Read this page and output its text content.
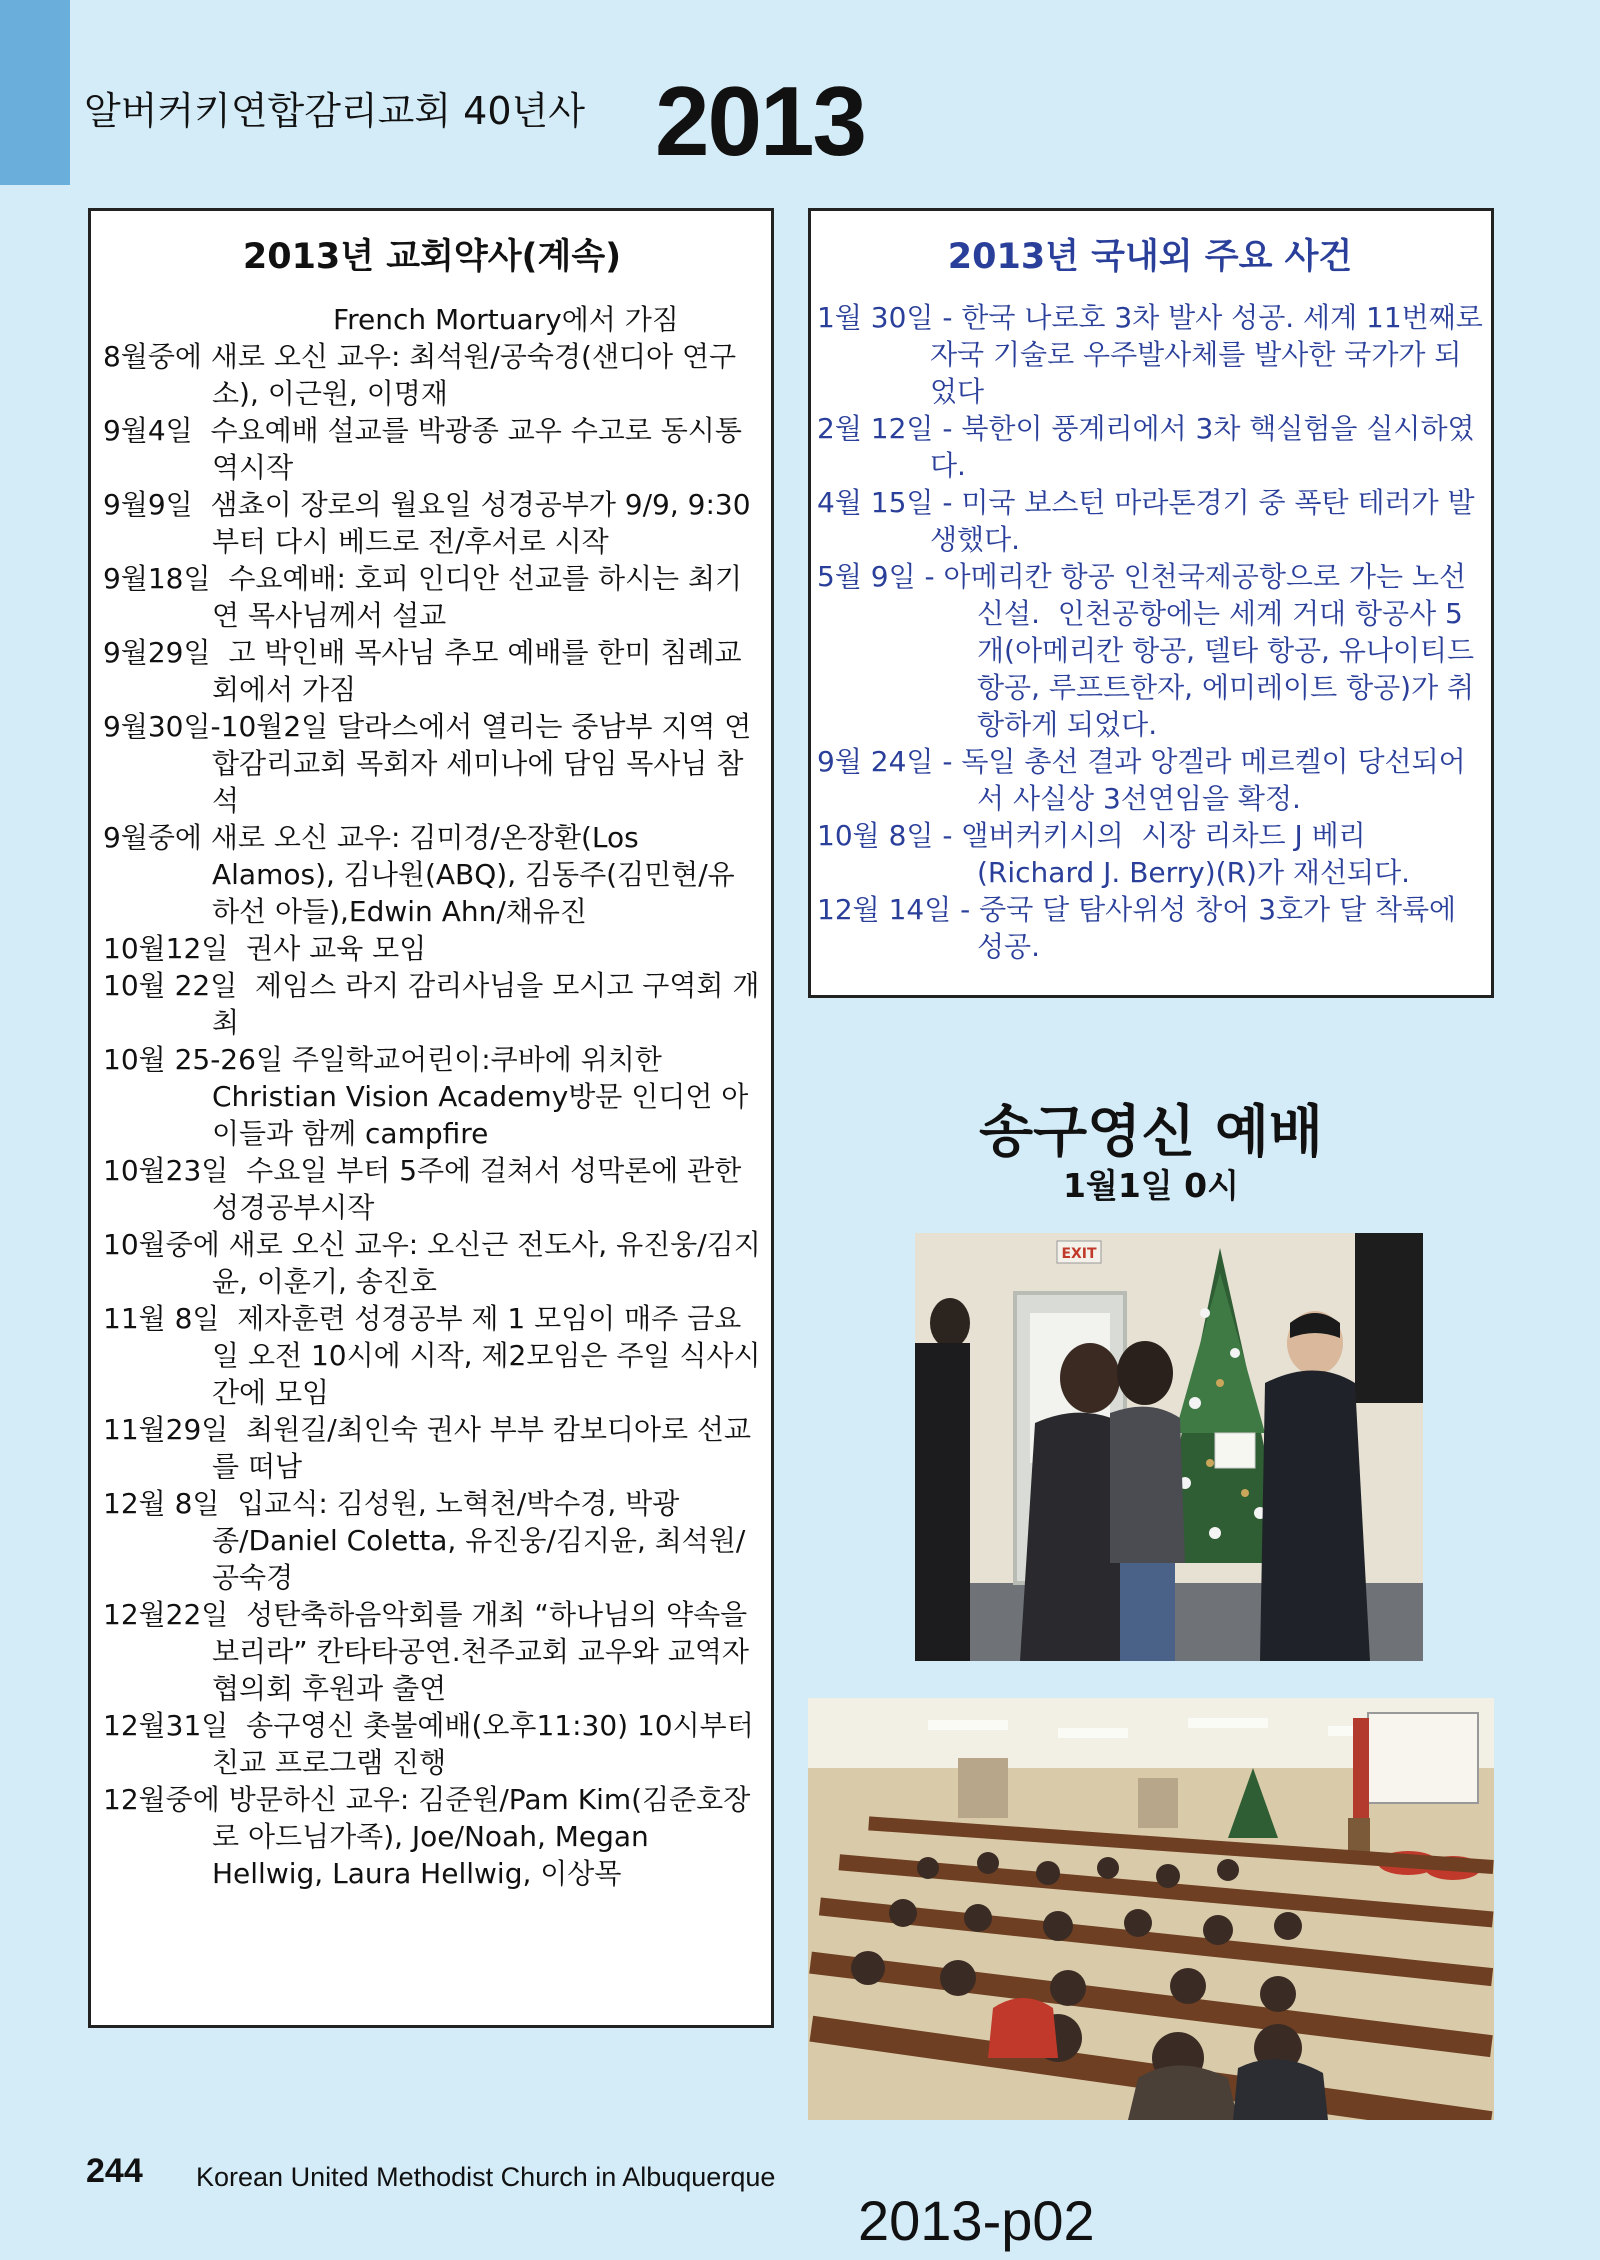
알버커키연합감리교회 40년사 2013
2013년 교회약사(계속)
French Mortuary에서 가짐
8월중에 새로 오신 교우: 최석원/공숙경(샌디아 연구소), 이근원, 이명재
9월4일  수요예배 설교를 박광종 교우 수고로 동시통역시작
9월9일  샘쵸이 장로의 월요일 성경공부가 9/9, 9:30부터 다시 베드로 전/후서로 시작
9월18일  수요예배: 호피 인디안 선교를 하시는 최기연 목사님께서 설교
9월29일  고 박인배 목사님 추모 예배를 한미 침례교회에서 가짐
9월30일-10월2일 달라스에서 열리는 중남부 지역 연합감리교회 목회자 세미나에 담임 목사님 참석
9월중에 새로 오신 교우: 김미경/온장환(Los Alamos), 김나원(ABQ), 김동주(김민현/유하선 아들),Edwin Ahn/채유진
10월12일  권사 교육 모임
10월 22일  제임스 라지 감리사님을 모시고 구역회 개최
10월 25-26일 주일학교어린이:쿠바에 위치한 Christian Vision Academy방문 인디언 아이들과 함께 campfire
10월23일  수요일 부터 5주에 걸쳐서 성막론에 관한 성경공부시작
10월중에 새로 오신 교우: 오신근 전도사, 유진웅/김지윤, 이훈기, 송진호
11월 8일  제자훈련 성경공부 제 1 모임이 매주 금요일 오전 10시에 시작, 제2모임은 주일 식사시간에 모임
11월29일  최원길/최인숙 권사 부부 캄보디아로 선교를 떠남
12월 8일  입교식: 김성원, 노혁천/박수경, 박광종/Daniel Coletta, 유진웅/김지윤, 최석원/공숙경
12월22일  성탄축하음악회를 개최 “하나님의 약속을 보리라” 칸타타공연.천주교회 교우와 교역자 협의회 후원과 출연
12월31일  송구영신 촛불예배(오후11:30) 10시부터 친교 프로그램 진행
12월중에 방문하신 교우: 김준원/Pam Kim(김준호장로 아드님가족), Joe/Noah, Megan Hellwig, Laura Hellwig, 이상목
2013년 국내외 주요 사건
1월 30일 - 한국 나로호 3차 발사 성공. 세계 11번째로 자국 기술로 우주발사체를 발사한 국가가 되었다
2월 12일 - 북한이 풍계리에서 3차 핵실험을 실시하였다.
4월 15일 - 미국 보스턴 마라톤경기 중 폭탄 테러가 발생했다.
5월 9일 - 아메리칸 항공 인천국제공항으로 가는 노선 신설.  인천공항에는 세계 거대 항공사 5개(아메리칸 항공, 델타 항공, 유나이티드 항공, 루프트한자, 에미레이트 항공)가 취항하게 되었다.
9월 24일 - 독일 총선 결과 앙겔라 메르켈이 당선되어서 사실상 3선연임을 확정.
10월 8일 - 앨버커키시의  시장 리차드 J 베리 (Richard J. Berry)(R)가 재선되다.
12월 14일 - 중국 달 탐사위성 창어 3호가 달 착륙에 성공.
송구영신 예배
1월1일 0시
EXIT
244 Korean United Methodist Church in Albuquerque
2013-p02
